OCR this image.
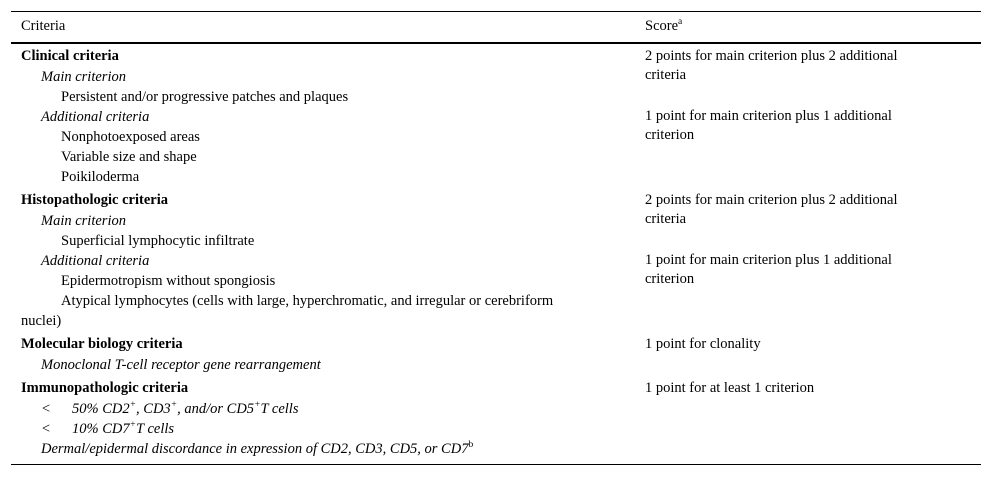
Criteria	Score$^a$
Clinical criteria
Main criterion
Persistent and/or progressive patches and plaques
Additional criteria
Nonphotoexposed areas
Variable size and shape
Poikiloderma
2 points for main criterion plus 2 additional
criteria
1 point for main criterion plus 1 additional
criterion
Histopathologic criteria
Main criterion
Superficial lymphocytic infiltrate
Additional criteria
Epidermotropism without spongiosis
Atypical lymphocytes (cells with large, hyperchromatic, and irregular or cerebriform
nuclei)
2 points for main criterion plus 2 additional
criteria
1 point for main criterion plus 1 additional
criterion
Molecular biology criteria
Monoclonal T-cell receptor gene rearrangement
1 point for clonality
Immunopathologic criteria	1 point for at least 1 criterion
< 50% CD2+, CD3+, and/or CD5+T cells
< 10% CD7+T cells
Dermal/epidermal discordance in expression of CD2, CD3, CD5, or CD7$^b$
